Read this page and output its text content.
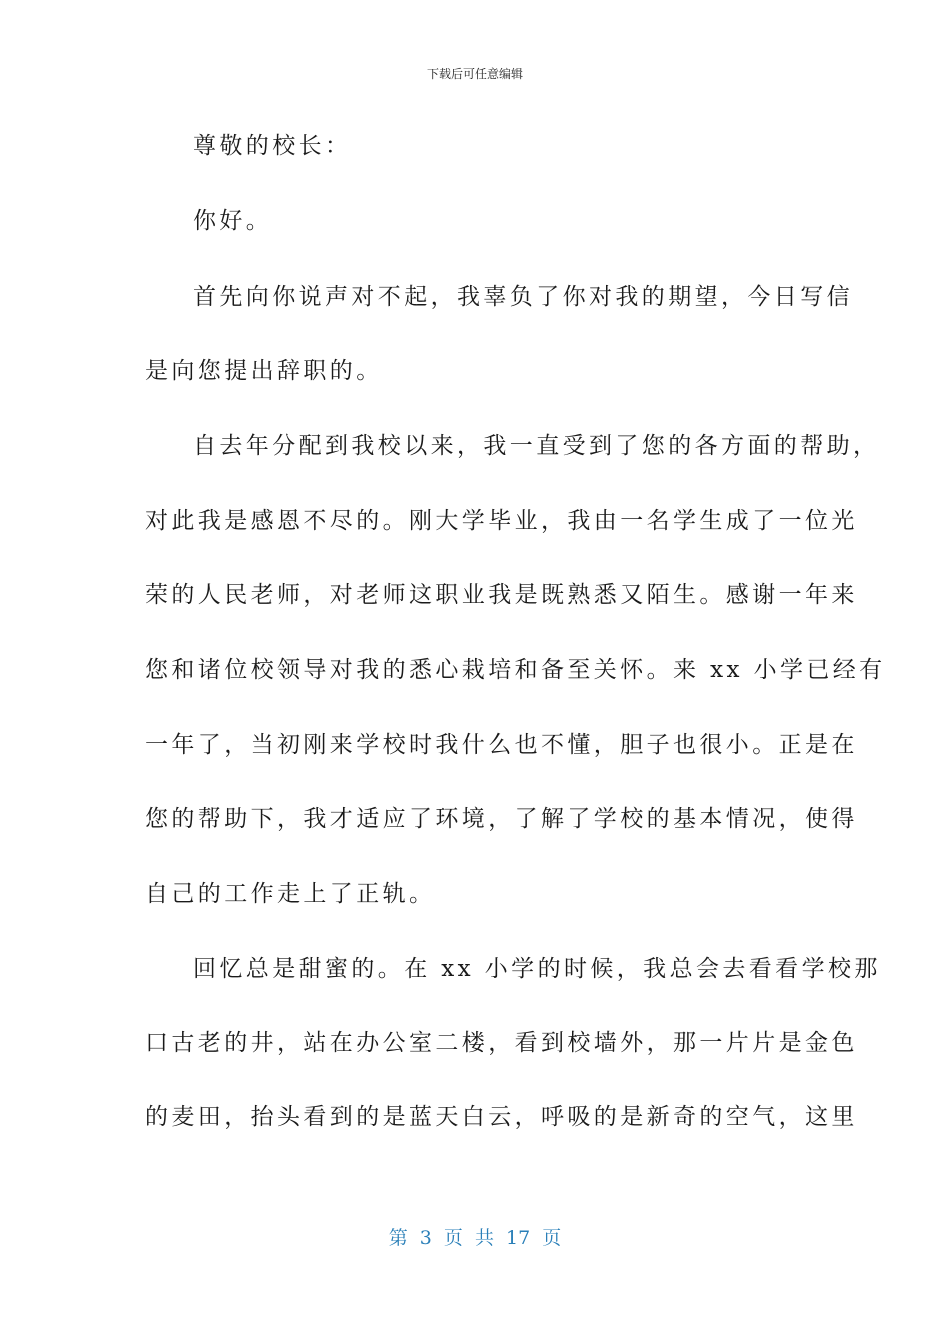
下载后可任意编辑
尊敬的校长：
你好。
首先向你说声对不起，我辜负了你对我的期望，今日写信
是向您提出辞职的。
自去年分配到我校以来，我一直受到了您的各方面的帮助，
对此我是感恩不尽的。刚大学毕业，我由一名学生成了一位光
荣的人民老师，对老师这职业我是既熟悉又陌生。感谢一年来
您和诸位校领导对我的悉心栽培和备至关怀。来 xx 小学已经有
一年了，当初刚来学校时我什么也不懂，胆子也很小。正是在
您的帮助下，我才适应了环境，了解了学校的基本情况，使得
自己的工作走上了正轨。
回忆总是甜蜜的。在 xx 小学的时候，我总会去看看学校那
口古老的井，站在办公室二楼，看到校墙外，那一片片是金色
的麦田，抬头看到的是蓝天白云，呼吸的是新奇的空气，这里
第 3 页 共 17 页
